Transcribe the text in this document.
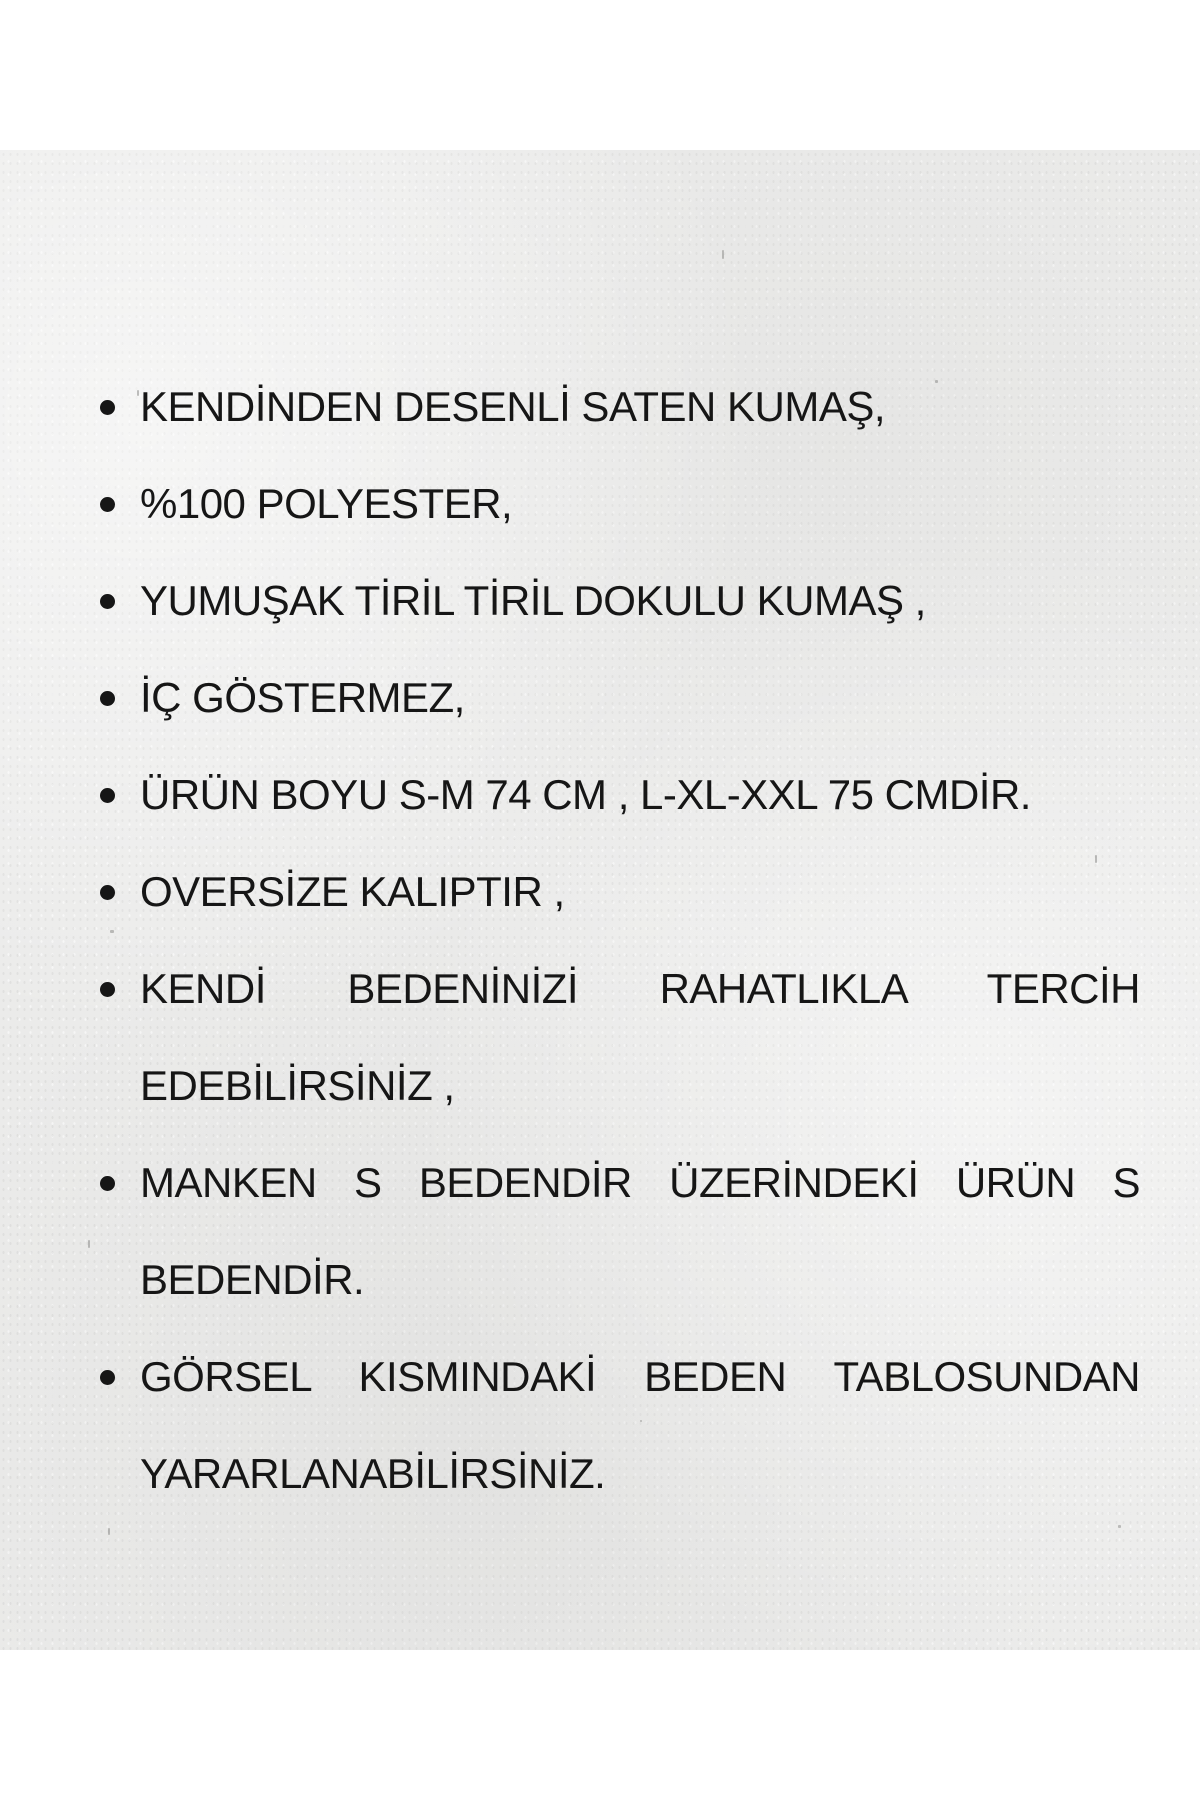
KENDİNDEN DESENLİ SATEN KUMAŞ,
%100 POLYESTER,
YUMUŞAK TİRİL TİRİL DOKULU KUMAŞ ,
İÇ GÖSTERMEZ,
ÜRÜN BOYU S-M 74 CM , L-XL-XXL 75 CMDİR.
OVERSİZE KALIPTIR ,
KENDİ BEDENİNİZİ RAHATLIKLA TERCİH EDEBİLİRSİNİZ ,
MANKEN S BEDENDİR ÜZERİNDEKİ ÜRÜN S BEDENDİR.
GÖRSEL KISMINDAKİ BEDEN TABLOSUNDAN YARARLANABİLİRSİNİZ.
